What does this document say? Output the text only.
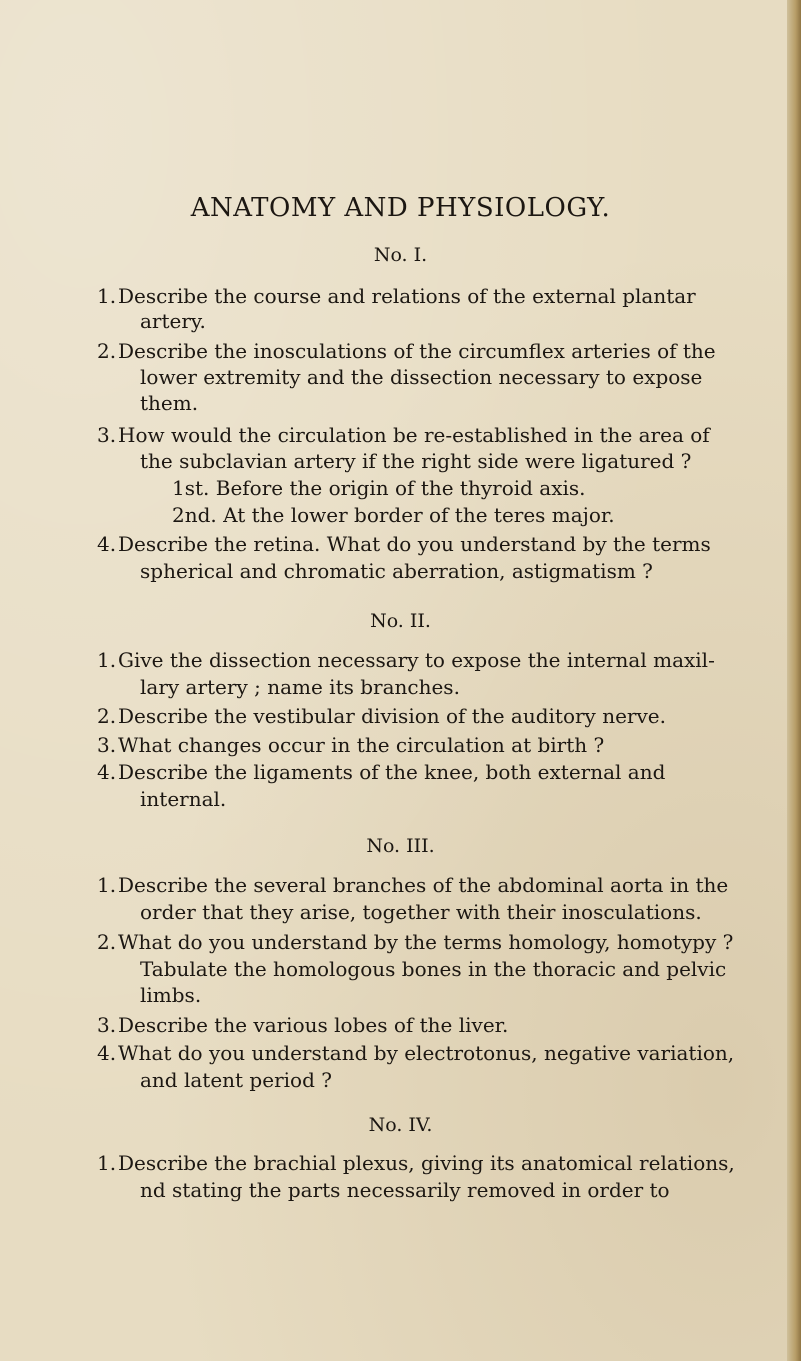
ANATOMY AND PHYSIOLOGY.
No. I.
1. Describe the course and relations of the external plantar
artery.
2. Describe the inosculations of the circumflex arteries of the
lower extremity and the dissection necessary to expose
them.
3. How would the circulation be re-established in the area of
the subclavian artery if the right side were ligatured ?
1st. Before the origin of the thyroid axis.
2nd. At the lower border of the teres major.
4. Describe the retina. What do you understand by the terms
spherical and chromatic aberration, astigmatism ?
No. II.
1. Give the dissection necessary to expose the internal maxil-
lary artery ; name its branches.
2. Describe the vestibular division of the auditory nerve.
3. What changes occur in the circulation at birth ?
4. Describe the ligaments of the knee, both external and
internal.
No. III.
1. Describe the several branches of the abdominal aorta in the
order that they arise, together with their inosculations.
2. What do you understand by the terms homology, homotypy ?
Tabulate the homologous bones in the thoracic and pelvic
limbs.
3. Describe the various lobes of the liver.
4. What do you understand by electrotonus, negative variation,
and latent period ?
No. IV.
1. Describe the brachial plexus, giving its anatomical relations,
nd stating the parts necessarily removed in order to
